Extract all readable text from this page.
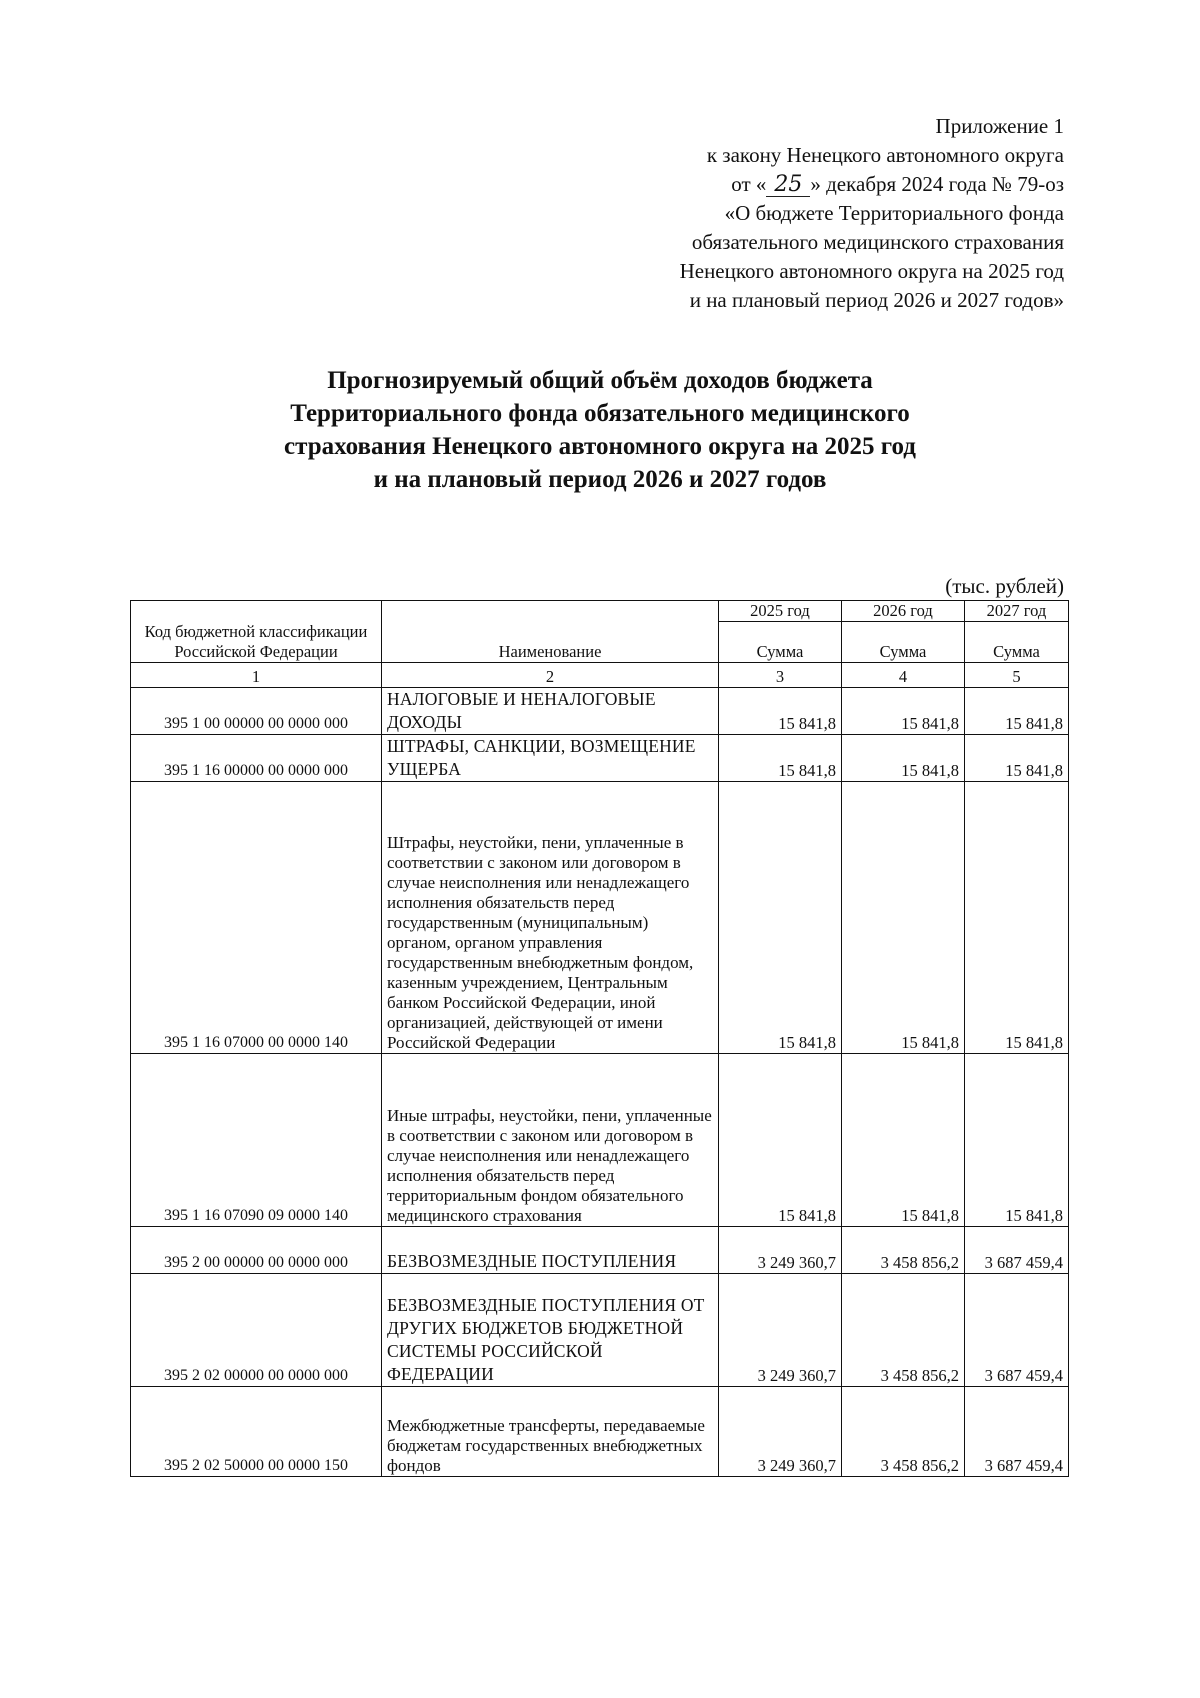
Приложение 1
к закону Ненецкого автономного округа
от « 25 » декабря 2024 года № 79-оз
«О бюджете Территориального фонда
обязательного медицинского страхования
Ненецкого автономного округа на 2025 год
и на плановый период 2026 и 2027 годов»
Прогнозируемый общий объём доходов бюджета
Территориального фонда обязательного медицинского
страхования Ненецкого автономного округа на 2025 год
и на плановый период 2026 и 2027 годов
(тыс. рублей)
Код бюджетной классификации Российской Федерации	Наименование	2025 год	2026 год	2027 год
		Сумма	Сумма	Сумма
1	2	3	4	5
395 1 00 00000 00 0000 000	НАЛОГОВЫЕ И НЕНАЛОГОВЫЕ ДОХОДЫ	15 841,8	15 841,8	15 841,8
395 1 16 00000 00 0000 000	ШТРАФЫ, САНКЦИИ, ВОЗМЕЩЕНИЕ УЩЕРБА	15 841,8	15 841,8	15 841,8
395 1 16 07000 00 0000 140	Штрафы, неустойки, пени, уплаченные в соответствии с законом или договором в случае неисполнения или ненадлежащего исполнения обязательств перед государственным (муниципальным) органом, органом управления государственным внебюджетным фондом, казенным учреждением, Центральным банком Российской Федерации, иной организацией, действующей от имени Российской Федерации	15 841,8	15 841,8	15 841,8
395 1 16 07090 09 0000 140	Иные штрафы, неустойки, пени, уплаченные в соответствии с законом или договором в случае неисполнения или ненадлежащего исполнения обязательств перед территориальным фондом обязательного медицинского страхования	15 841,8	15 841,8	15 841,8
395 2 00 00000 00 0000 000	БЕЗВОЗМЕЗДНЫЕ ПОСТУПЛЕНИЯ	3 249 360,7	3 458 856,2	3 687 459,4
395 2 02 00000 00 0000 000	БЕЗВОЗМЕЗДНЫЕ ПОСТУПЛЕНИЯ ОТ ДРУГИХ БЮДЖЕТОВ БЮДЖЕТНОЙ СИСТЕМЫ РОССИЙСКОЙ ФЕДЕРАЦИИ	3 249 360,7	3 458 856,2	3 687 459,4
395 2 02 50000 00 0000 150	Межбюджетные трансферты, передаваемые бюджетам государственных внебюджетных фондов	3 249 360,7	3 458 856,2	3 687 459,4
